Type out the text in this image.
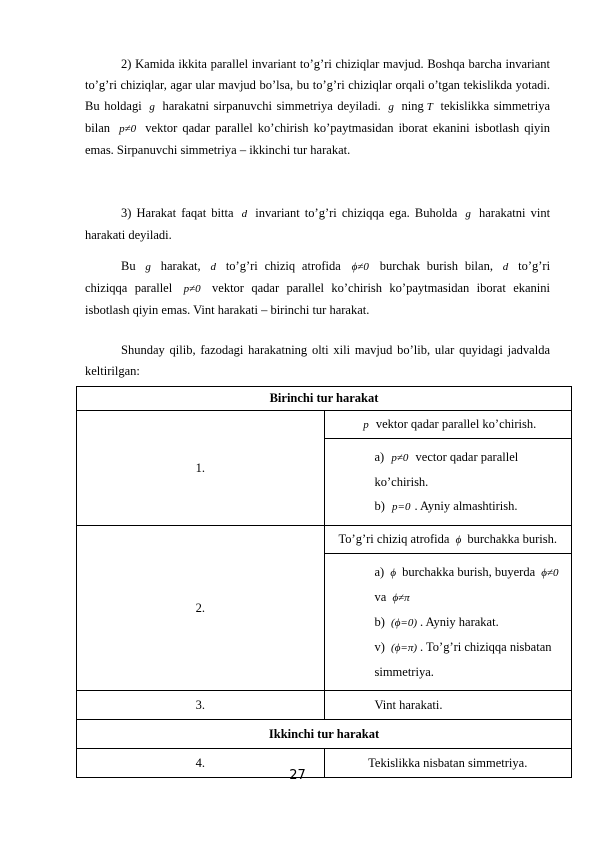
2) Kamida ikkita parallel invariant to’g’ri chiziqlar mavjud. Boshqa barcha invariant to’g’ri chiziqlar, agar ular mavjud bo’lsa, bu to’g’ri chiziqlar orqali o’tgan tekislikda yotadi. Bu holdagi g harakatni sirpanuvchi simmetriya deyiladi. g ning T tekislikka simmetriya bilan p≠0 vektor qadar parallel ko’chirish ko’paytmasidan iborat ekanini isbotlash qiyin emas. Sirpanuvchi simmetriya – ikkinchi tur harakat.

3) Harakat faqat bitta d invariant to’g’ri chiziqqa ega. Buholda g harakatni vint harakati deyiladi.

Bu g harakat, d to’g’ri chiziq atrofida ϕ≠0 burchak burish bilan, d to’g’ri chiziqqa parallel p≠0 vektor qadar parallel ko’chirish ko’paytmasidan iborat ekanini isbotlash qiyin emas. Vint harakati – birinchi tur harakat.

Shunday qilib, fazodagi harakatning olti xili mavjud bo’lib, ular quyidagi jadvalda keltirilgan:

Birinchi tur harakat	
1.	p vektor qadar parallel ko’chirish.

	a) p≠0 vector qadar parallel ko’chirish.
b) p=0 . Ayniy almashtirish.

2.	To’g’ri chiziq atrofida ϕ burchakka burish.

	a) ϕ burchakka burish, buyerda ϕ≠0 va ϕ≠π
b) (ϕ=0) . Ayniy harakat.
v) (ϕ=π) . To’g’ri chiziqqa nisbatan simmetriya.

3.	Vint harakati.
Ikkinchi tur harakat	
4.	Tekislikka nisbatan simmetriya.
27
